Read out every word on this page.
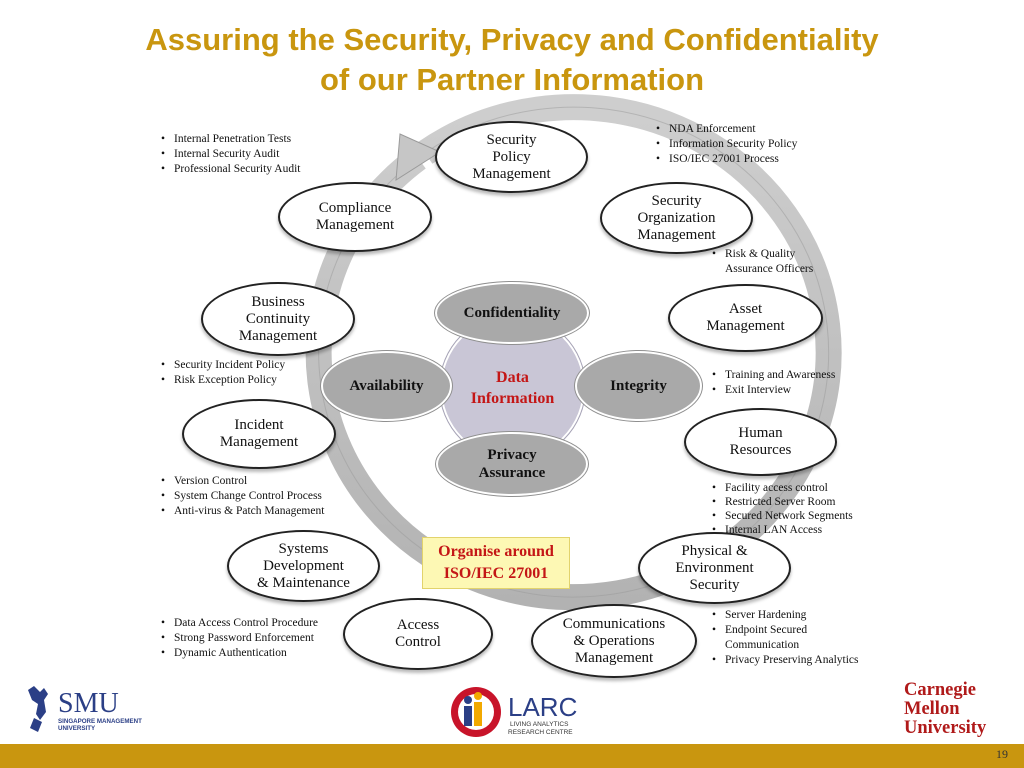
Assuring the Security, Privacy and Confidentiality
of our Partner Information
Security
Policy
Management
Security
Organization
Management
Asset
Management
Human
Resources
Physical &
Environment
Security
Communications
& Operations
Management
Access
Control
Systems
Development
& Maintenance
Incident
Management
Business
Continuity
Management
Compliance
Management
Data
Information
Confidentiality
Privacy
Assurance
Availability	Integrity
• Internal Penetration Tests
• Internal Security Audit
• Professional Security Audit
• NDA Enforcement
• Information Security Policy
• ISO/IEC 27001 Process
• Risk & Quality
Assurance Officers
• Security Incident Policy
• Risk Exception Policy
•	Training and Awareness
• Exit Interview
• Version Control
• System Change Control Process
• Anti-virus & Patch Management
• Facility access control
• Restricted Server Room
• Secured Network Segments
• Internal LAN Access
• Data Access Control Procedure
• Strong Password Enforcement
• Dynamic Authentication
• Server Hardening
• Endpoint Secured
Communication
• Privacy Preserving Analytics
Organise around
ISO/IEC 27001
SMU
SINGAPORE MANAGEMENT
UNIVERSITY
LARC
LIVING ANALYTICS
RESEARCH CENTRE
Carnegie
Mellon
University
19
